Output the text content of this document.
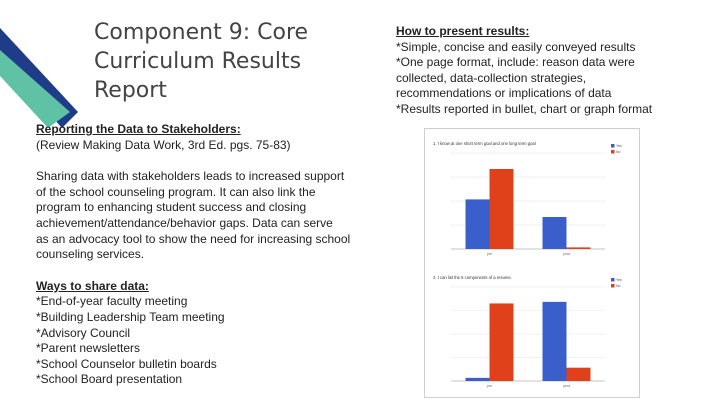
Component 9: Core
Curriculum Results
Report
Reporting the Data to Stakeholders:
(Review Making Data Work, 3rd Ed. pgs. 75-83)
Sharing data with stakeholders leads to increased support
of the school counseling program. It can also link the
program to enhancing student success and closing
achievement/attendance/behavior gaps. Data can serve
as an advocacy tool to show the need for increasing school
counseling services.
Ways to share data:
*End-of-year faculty meeting
*Building Leadership Team meeting
*Advisory Council
*Parent newsletters
*School Counselor bulletin boards
*School Board presentation
How to present results:
*Simple, concise and easily conveyed results
*One page format, include: reason data were
collected, data-collection strategies,
recommendations or implications of data
*Results reported in bullet, chart or graph format
1. I know at one short term goal and one long term goal
pre	post
Yes
No
2. I can list the 5 components of a resume.
pre	post
Yes
No
